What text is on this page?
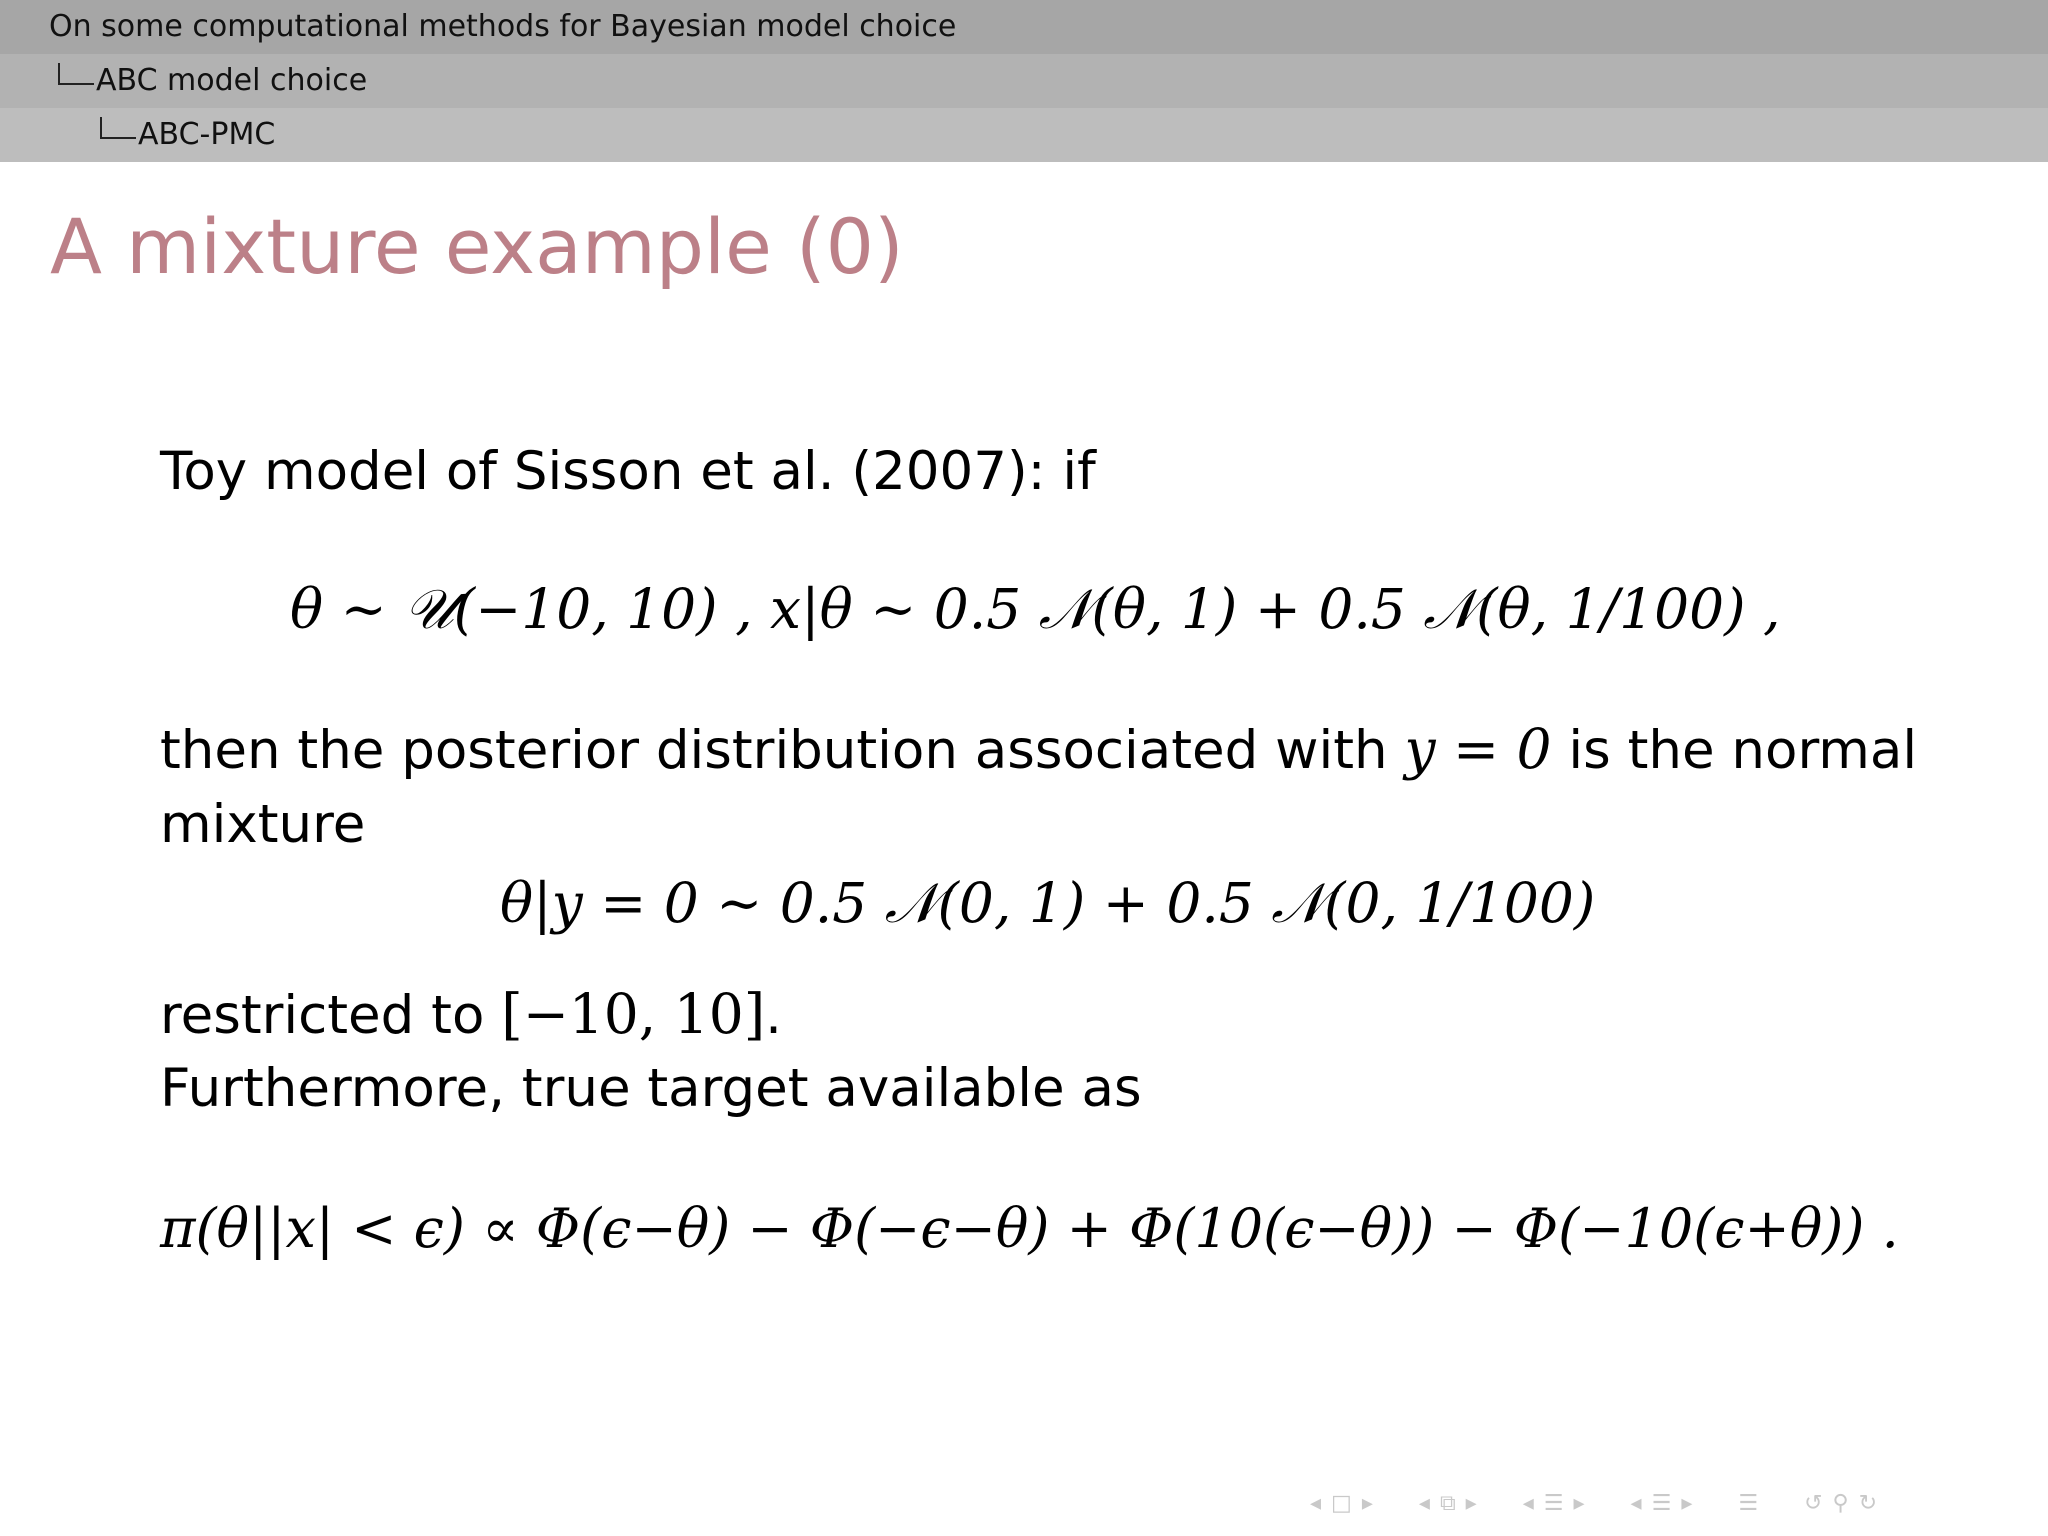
On some computational methods for Bayesian model choice
ABC model choice
ABC-PMC
A mixture example (0)
Toy model of Sisson et al. (2007): if
θ ∼ 𝒰(−10, 10) , x|θ ∼ 0.5 𝒩(θ, 1) + 0.5 𝒩(θ, 1/100) ,
then the posterior distribution associated with y = 0 is the normal
mixture
θ|y = 0 ∼ 0.5 𝒩(0, 1) + 0.5 𝒩(0, 1/100)
restricted to [−10, 10].
Furthermore, true target available as
π(θ||x| < ϵ) ∝ Φ(ϵ−θ) − Φ(−ϵ−θ) + Φ(10(ϵ−θ)) − Φ(−10(ϵ+θ)) .
◂ □ ▸ ◂ ⧉ ▸ ◂ ☰ ▸ ◂ ☰ ▸ ☰ ↺ ⚲ ↻
